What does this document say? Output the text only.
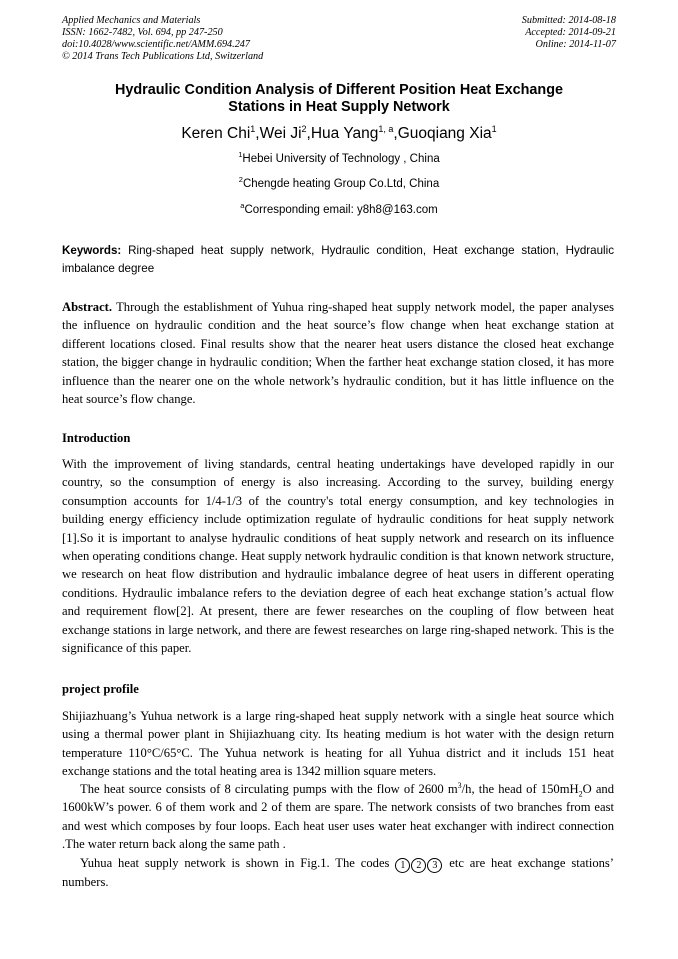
Applied Mechanics and Materials
ISSN: 1662-7482, Vol. 694, pp 247-250
doi:10.4028/www.scientific.net/AMM.694.247
© 2014 Trans Tech Publications Ltd, Switzerland
Submitted: 2014-08-18
Accepted: 2014-09-21
Online: 2014-11-07
Hydraulic Condition Analysis of Different Position Heat Exchange
Stations in Heat Supply Network
Keren Chi$^1$,Wei Ji$^2$,Hua Yang$^{1, a}$,Guoqiang Xia$^1$
$^1$Hebei University of Technology , China
$^2$Chengde heating Group Co.Ltd, China
$^a$Corresponding email: y8h8@163.com
Keywords: Ring-shaped heat supply network, Hydraulic condition, Heat exchange station, Hydraulic imbalance degree
Abstract. Through the establishment of Yuhua ring-shaped heat supply network model, the paper analyses the influence on hydraulic condition and the heat source’s flow change when heat exchange station at different locations closed. Final results show that the nearer heat users distance the closed heat exchange station, the bigger change in hydraulic condition; When the farther heat exchange station closed, it has more influence than the nearer one on the whole network’s hydraulic condition, but it has little influence on the heat source’s flow change.
Introduction
With the improvement of living standards, central heating undertakings have developed rapidly in our country, so the consumption of energy is also increasing. According to the survey, building energy consumption accounts for 1/4-1/3 of the country's total energy consumption, and key technologies in building energy efficiency include optimization regulate of hydraulic conditions for heat supply network [1].So it is important to analyse hydraulic conditions of heat supply network and research on its influence when operating conditions change. Heat supply network hydraulic condition is that known network structure, we research on heat flow distribution and hydraulic imbalance degree of heat users in different operating conditions. Hydraulic imbalance refers to the deviation degree of each heat exchange station’s actual flow and requirement flow[2]. At present, there are fewer researches on the coupling of flow between heat exchange stations in large network, and there are fewest researches on large ring-shaped network. This is the significance of this paper.
project profile
Shijiazhuang’s Yuhua network is a large ring-shaped heat supply network with a single heat source which using a thermal power plant in Shijiazhuang city. Its heating medium is hot water with the design return temperature 110°C/65°C. The Yuhua network is heating for all Yuhua district and it includs 151 heat exchange stations and the total heating area is 1342 million square meters.
The heat source consists of 8 circulating pumps with the flow of 2600 $m^3/h$, the head of $150mH_2O$ and 1600kW’s power. 6 of them work and 2 of them are spare. The network consists of two branches from east and west which composes by four loops. Each heat user uses water heat exchanger with indirect connection .The water return back along the same path .
Yuhua heat supply network is shown in Fig.1. The codes 1 2 3 etc are heat exchange stations’ numbers.
